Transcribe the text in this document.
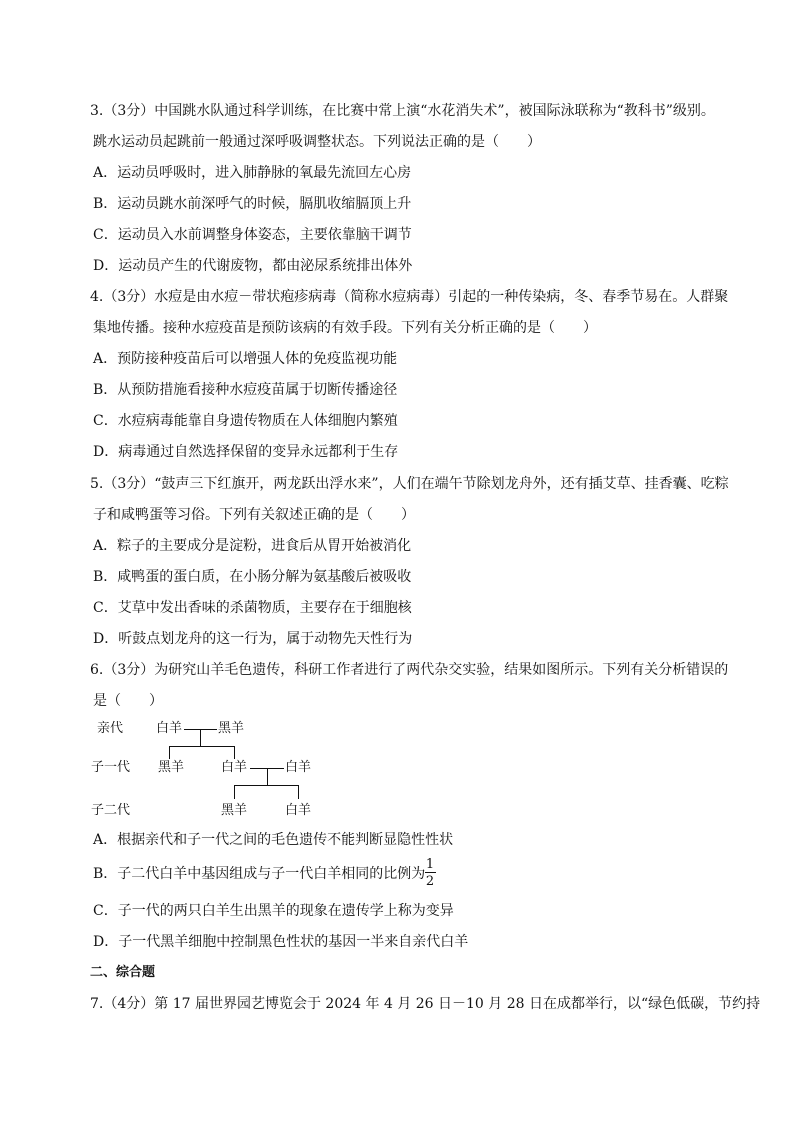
3.（3分）中国跳水队通过科学训练，在比赛中常上演“水花消失术”，被国际泳联称为“教科书”级别。
跳水运动员起跳前一般通过深呼吸调整状态。下列说法正确的是（　　）
A．运动员呼吸时，进入肺静脉的氧最先流回左心房
B．运动员跳水前深呼气的时候，膈肌收缩膈顶上升
C．运动员入水前调整身体姿态，主要依靠脑干调节
D．运动员产生的代谢废物，都由泌尿系统排出体外
4.（3分）水痘是由水痘－带状疱疹病毒（简称水痘病毒）引起的一种传染病，冬、春季节易在。人群聚
集地传播。接种水痘疫苗是预防该病的有效手段。下列有关分析正确的是（　　）
A．预防接种疫苗后可以增强人体的免疫监视功能
B．从预防措施看接种水痘疫苗属于切断传播途径
C．水痘病毒能靠自身遗传物质在人体细胞内繁殖
D．病毒通过自然选择保留的变异永远都利于生存
5.（3分）“鼓声三下红旗开，两龙跃出浮水来”，人们在端午节除划龙舟外，还有插艾草、挂香囊、吃粽
子和咸鸭蛋等习俗。下列有关叙述正确的是（　　）
A．粽子的主要成分是淀粉，进食后从胃开始被消化
B．咸鸭蛋的蛋白质，在小肠分解为氨基酸后被吸收
C．艾草中发出香味的杀菌物质，主要存在于细胞核
D．听鼓点划龙舟的这一行为，属于动物先天性行为
6.（3分）为研究山羊毛色遗传，科研工作者进行了两代杂交实验，结果如图所示。下列有关分析错误的
是（　　）
亲代	白羊	黑羊
子一代 黑羊	白羊	白羊
子二代	黑羊	白羊
A．根据亲代和子一代之间的毛色遗传不能判断显隐性性状
B．子二代白羊中基因组成与子一代白羊相同的比例为
1
2
C．子一代的两只白羊生出黑羊的现象在遗传学上称为变异
D．子一代黑羊细胞中控制黑色性状的基因一半来自亲代白羊
二、综合题
7.（4分）第 17 届世界园艺博览会于 2024 年 4 月 26 日－10 月 28 日在成都举行，以“绿色低碳，节约持
